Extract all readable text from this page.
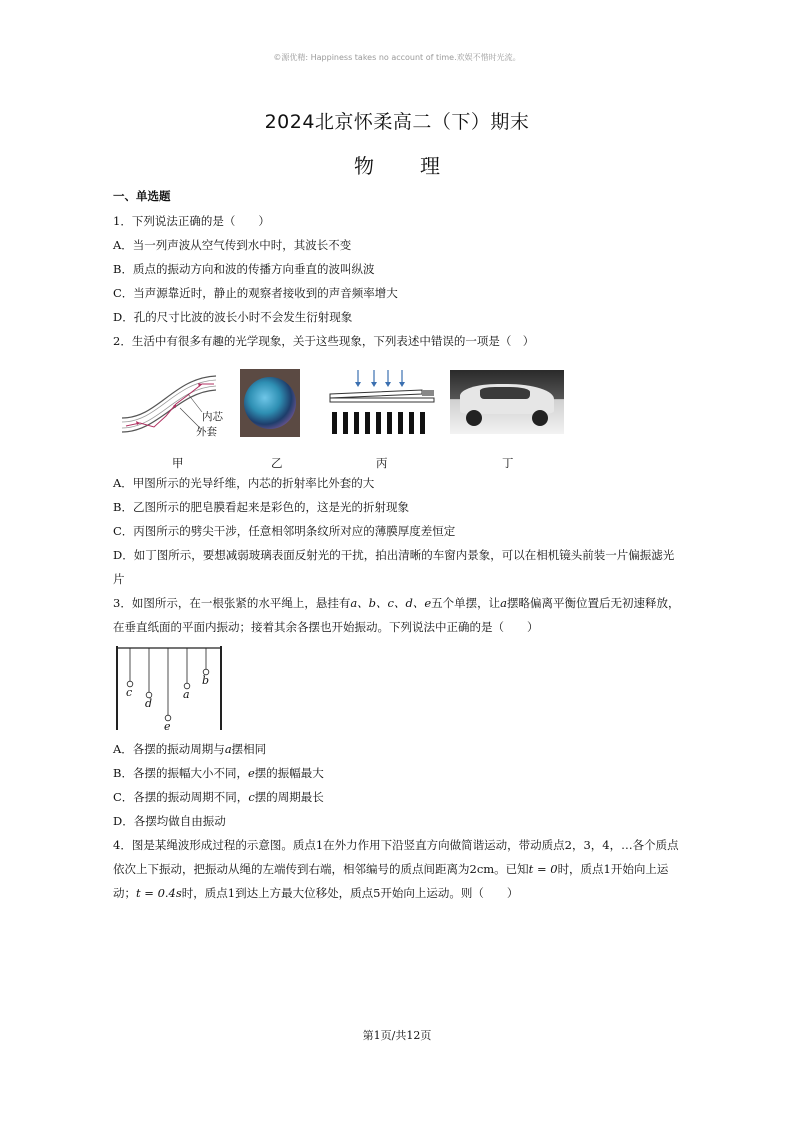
©源优精: Happiness takes no account of time.欢娱不惜时光流。
2024北京怀柔高二（下）期末
物理
一、单选题
1．下列说法正确的是（　　）
A．当一列声波从空气传到水中时，其波长不变
B．质点的振动方向和波的传播方向垂直的波叫纵波
C．当声源靠近时，静止的观察者接收到的声音频率增大
D．孔的尺寸比波的波长小时不会发生衍射现象
2．生活中有很多有趣的光学现象，关于这些现象，下列表述中错误的一项是（　）
内芯
外套
甲	乙	丙	丁
A．甲图所示的光导纤维，内芯的折射率比外套的大
B．乙图所示的肥皂膜看起来是彩色的，这是光的折射现象
C．丙图所示的劈尖干涉，任意相邻明条纹所对应的薄膜厚度差恒定
D．如丁图所示，要想减弱玻璃表面反射光的干扰，拍出清晰的车窗内景象，可以在相机镜头前装一片偏振滤光片
3．如图所示，在一根张紧的水平绳上，悬挂有a、b、c、d、e五个单摆，让a摆略偏离平衡位置后无初速释放，在垂直纸面的平面内振动；接着其余各摆也开始振动。下列说法中正确的是（　　）
c
d
e
a
b
A．各摆的振动周期与a摆相同
B．各摆的振幅大小不同，e摆的振幅最大
C．各摆的振动周期不同，c摆的周期最长
D．各摆均做自由振动
4．图是某绳波形成过程的示意图。质点1在外力作用下沿竖直方向做简谐运动，带动质点2，3，4，…各个质点依次上下振动，把振动从绳的左端传到右端，相邻编号的质点间距离为2cm。已知t = 0时，质点1开始向上运动；t = 0.4s时，质点1到达上方最大位移处，质点5开始向上运动。则（　　）
第1页/共12页
